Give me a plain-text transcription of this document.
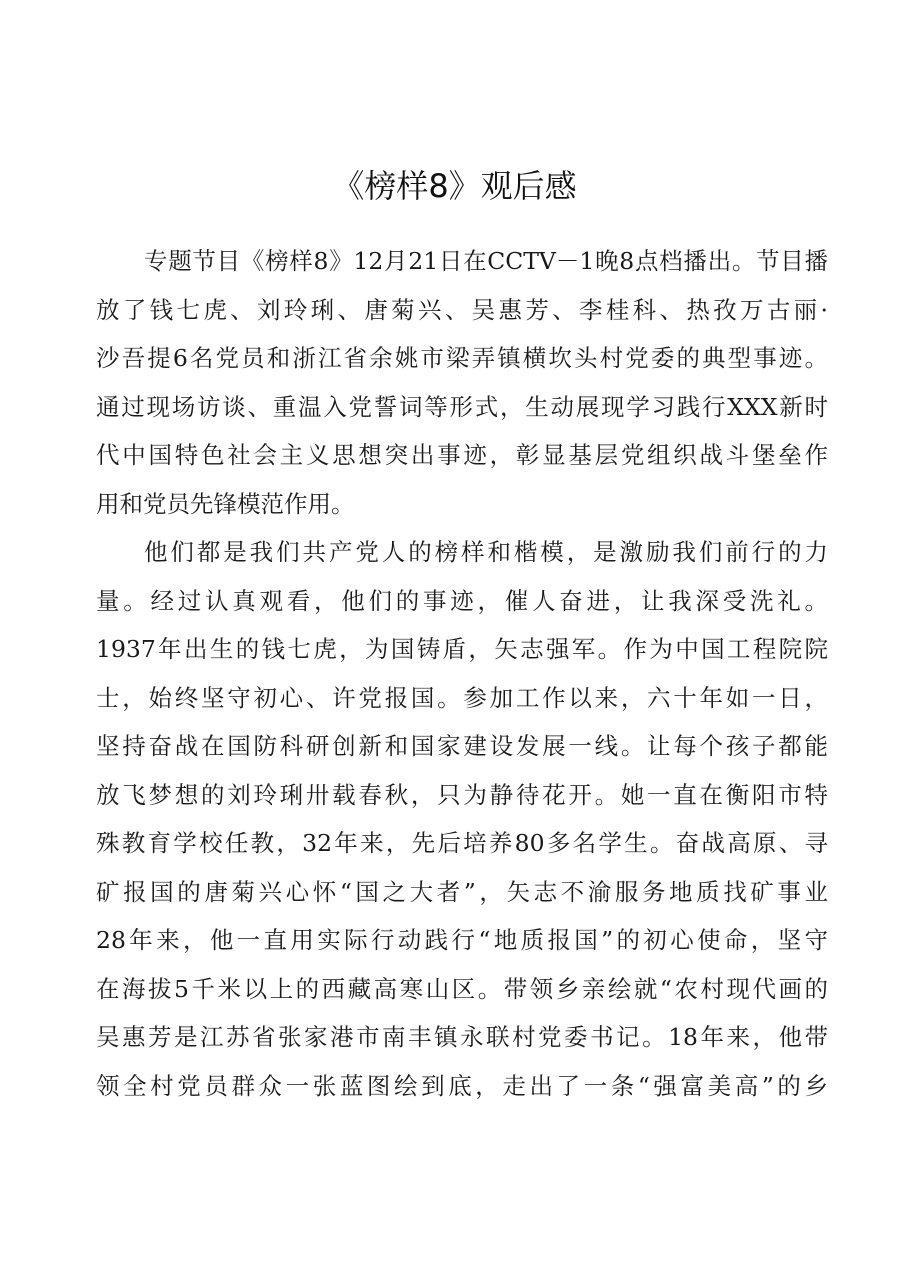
《榜样8》观后感
专题节目《榜样8》12月21日在CCTV－1晚8点档播出。节目播
放了钱七虎、刘玲琍、唐菊兴、吴惠芳、李桂科、热孜万古丽·
沙吾提6名党员和浙江省余姚市梁弄镇横坎头村党委的典型事迹。
通过现场访谈、重温入党誓词等形式，生动展现学习践行XXX新时
代中国特色社会主义思想突出事迹，彰显基层党组织战斗堡垒作
用和党员先锋模范作用。
他们都是我们共产党人的榜样和楷模，是激励我们前行的力
量。经过认真观看，他们的事迹，催人奋进，让我深受洗礼。
1937年出生的钱七虎，为国铸盾，矢志强军。作为中国工程院院
士，始终坚守初心、许党报国。参加工作以来，六十年如一日，
坚持奋战在国防科研创新和国家建设发展一线。让每个孩子都能
放飞梦想的刘玲琍卅载春秋，只为静待花开。她一直在衡阳市特
殊教育学校任教，32年来，先后培养80多名学生。奋战高原、寻
矿报国的唐菊兴心怀“国之大者”，矢志不渝服务地质找矿事业
28年来，他一直用实际行动践行“地质报国”的初心使命，坚守
在海拔5千米以上的西藏高寒山区。带领乡亲绘就“农村现代画的
吴惠芳是江苏省张家港市南丰镇永联村党委书记。18年来，他带
领全村党员群众一张蓝图绘到底，走出了一条“强富美高”的乡
